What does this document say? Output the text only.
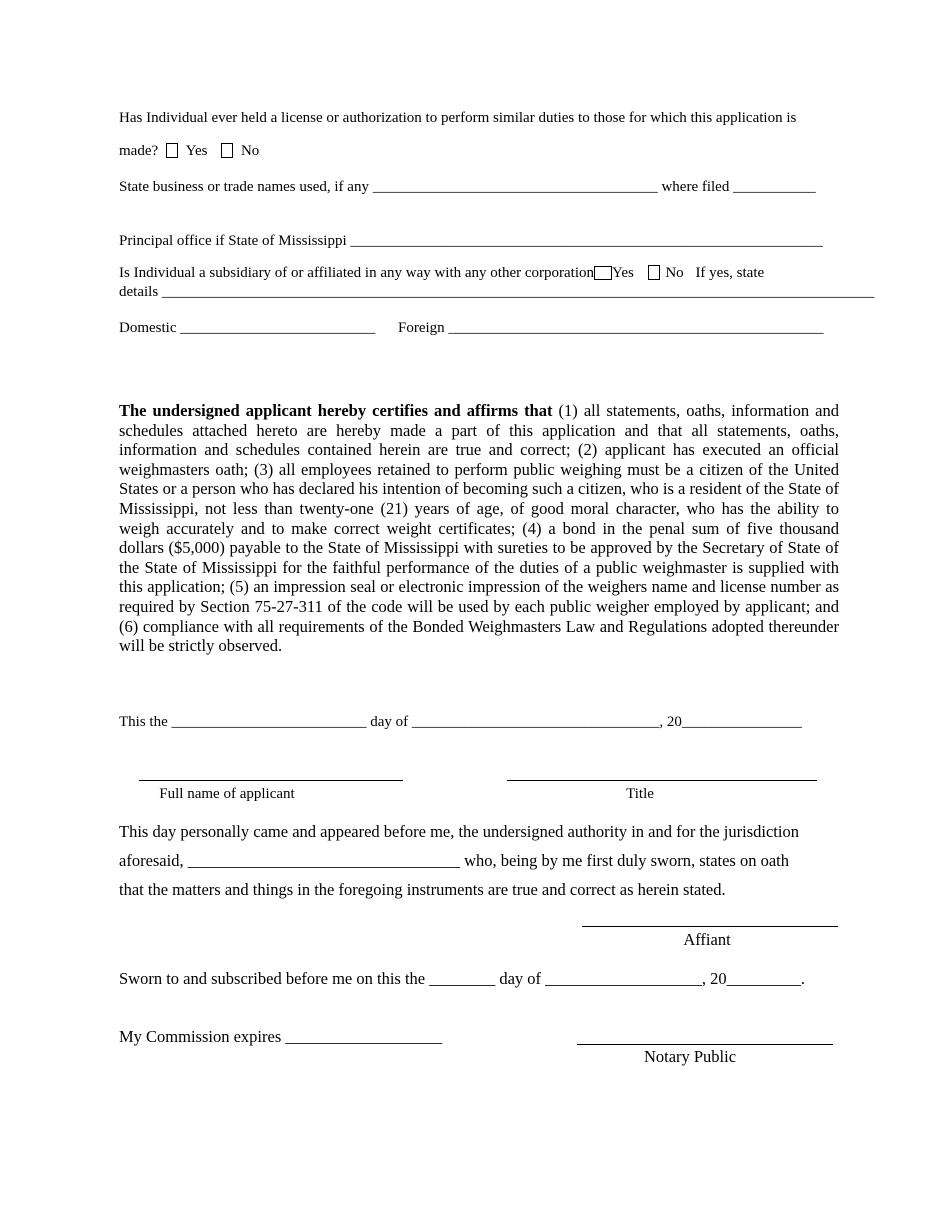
Has Individual ever held a license or authorization to perform similar duties to those for which this application is
made? Yes No
State business or trade names used, if any ______________________________________ where filed ___________
Principal office if State of Mississippi _______________________________________________________________
Is Individual a subsidiary of or affiliated in any way with any other corporation Yes No If yes, state
details _______________________________________________________________________________________________
Domestic __________________________ Foreign __________________________________________________
The undersigned applicant hereby certifies and affirms that (1) all statements, oaths, information and schedules attached hereto are hereby made a part of this application and that all statements, oaths, information and schedules contained herein are true and correct; (2) applicant has executed an official weighmasters oath; (3) all employees retained to perform public weighing must be a citizen of the United States or a person who has declared his intention of becoming such a citizen, who is a resident of the State of Mississippi, not less than twenty-one (21) years of age, of good moral character, who has the ability to weigh accurately and to make correct weight certificates; (4) a bond in the penal sum of five thousand dollars ($5,000) payable to the State of Mississippi with sureties to be approved by the Secretary of State of the State of Mississippi for the faithful performance of the duties of a public weighmaster is supplied with this application; (5) an impression seal or electronic impression of the weighers name and license number as required by Section 75-27-311 of the code will be used by each public weigher employed by applicant; and (6) compliance with all requirements of the Bonded Weighmasters Law and Regulations adopted thereunder will be strictly observed.
This the __________________________ day of _________________________________, 20________________
Full name of applicant	Title
This day personally came and appeared before me, the undersigned authority in and for the jurisdiction
aforesaid, _________________________________ who, being by me first duly sworn, states on oath
that the matters and things in the foregoing instruments are true and correct as herein stated.
Affiant
Sworn to and subscribed before me on this the ________ day of ___________________, 20_________.
My Commission expires ___________________
Notary Public
